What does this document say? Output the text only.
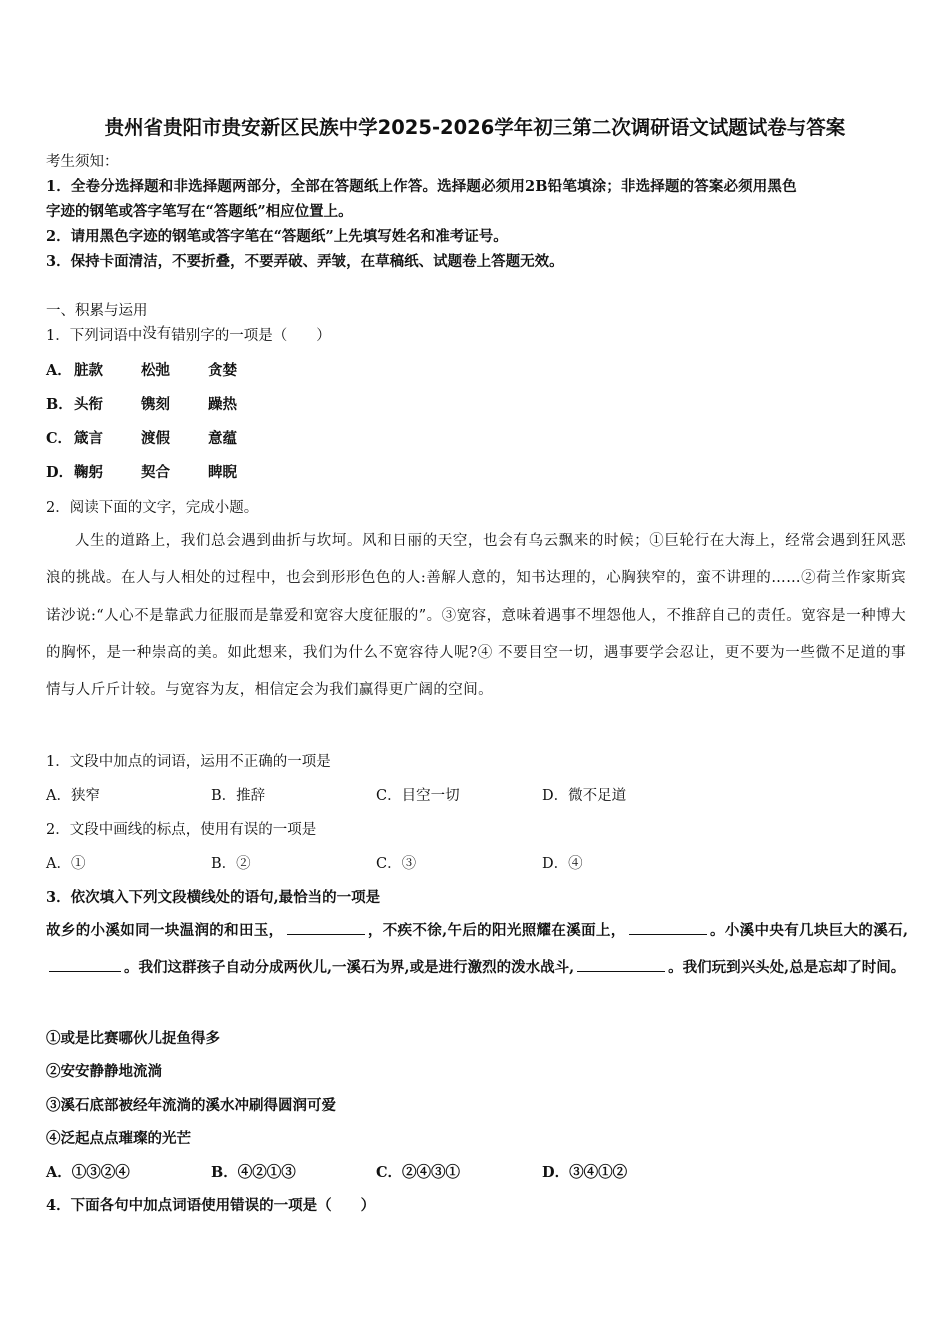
贵州省贵阳市贵安新区民族中学2025-2026学年初三第二次调研语文试题试卷与答案
考生须知：
1．全卷分选择题和非选择题两部分，全部在答题纸上作答。选择题必须用2B铅笔填涂；非选择题的答案必须用黑色
字迹的钢笔或答字笔写在“答题纸”相应位置上。
2．请用黑色字迹的钢笔或答字笔在“答题纸”上先填写姓名和准考证号。
3．保持卡面清洁，不要折叠，不要弄破、弄皱，在草稿纸、试题卷上答题无效。
一、积累与运用
1．下列词语中没有错别字的一项是（　　）
A． 脏款	松弛	贪婪
B． 头衔	镌刻	躁热
C． 箴言	渡假	意蕴
D． 鞠躬	契合	睥睨
2．阅读下面的文字，完成小题。
人生的道路上，我们总会遇到曲折与坎坷。风和日丽的天空，也会有乌云飘来的时候；①巨轮行在大海上，经常会遇到狂风恶浪的挑战。在人与人相处的过程中，也会到形形色色的人:善解人意的，知书达理的，心胸狭窄的，蛮不讲理的……②荷兰作家斯宾诺沙说:“人心不是靠武力征服而是靠爱和宽容大度征服的”。③宽容，意味着遇事不埋怨他人，不推辞自己的责任。宽容是一种博大的胸怀，是一种崇高的美。如此想来，我们为什么不宽容待人呢?④ 不要目空一切，遇事要学会忍让，更不要为一些微不足道的事情与人斤斤计较。与宽容为友，相信定会为我们赢得更广阔的空间。
1．文段中加点的词语，运用不正确的一项是
A．狭窄	B．推辞	C．目空一切	D．微不足道
2．文段中画线的标点，使用有误的一项是
A．①	B．②	C．③	D．④
3．依次填入下列文段横线处的语句,最恰当的一项是
故乡的小溪如同一块温润的和田玉，	，不疾不徐,午后的阳光照耀在溪面上，	。小溪中央有几块巨大的溪石,。我们这群孩子自动分成两伙儿,一溪石为界,或是进行激烈的泼水战斗,	。我们玩到兴头处,总是忘却了时间。
①或是比赛哪伙儿捉鱼得多
②安安静静地流淌
③溪石底部被经年流淌的溪水冲刷得圆润可爱
④泛起点点璀璨的光芒
A．①③②④	B．④②①③	C．②④③①	D．③④①②
4．下面各句中加点词语使用错误的一项是（　　）
